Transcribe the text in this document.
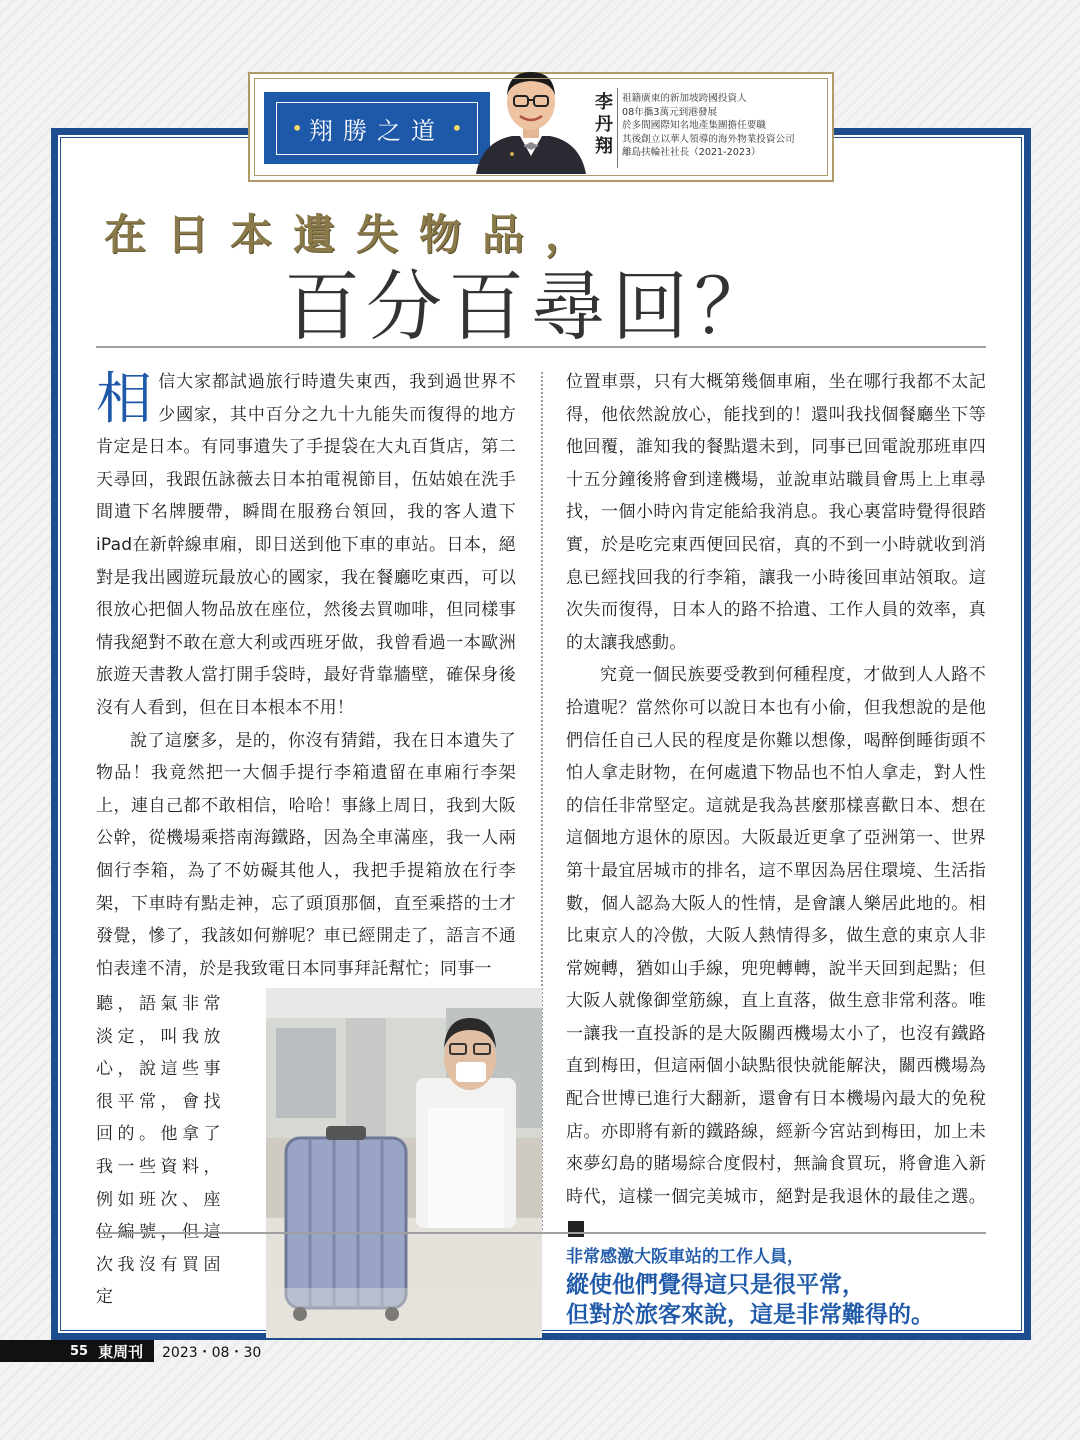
• 翔勝之道 •
李丹翔
祖籍廣東的新加坡跨國投資人
08年攜3萬元到港發展
於多間國際知名地產集團擔任要職
其後創立以華人領導的海外物業投資公司
離島扶輪社社長（2021-2023）
在日本遺失物品，
百分百尋回？

相信大家都試過旅行時遺失東西，我到過世界不少國家，其中百分之九十九能失而復得的地方肯定是日本。有同事遺失了手提袋在大丸百貨店，第二天尋回，我跟伍詠薇去日本拍電視節目，伍姑娘在洗手間遺下名牌腰帶，瞬間在服務台領回，我的客人遺下iPad在新幹線車廂，即日送到他下車的車站。日本，絕對是我出國遊玩最放心的國家，我在餐廳吃東西，可以很放心把個人物品放在座位，然後去買咖啡，但同樣事情我絕對不敢在意大利或西班牙做，我曾看過一本歐洲旅遊天書教人當打開手袋時，最好背靠牆壁，確保身後沒有人看到，但在日本根本不用！

說了這麼多，是的，你沒有猜錯，我在日本遺失了物品！我竟然把一大個手提行李箱遺留在車廂行李架上，連自己都不敢相信，哈哈！事緣上周日，我到大阪公幹，從機場乘搭南海鐵路，因為全車滿座，我一人兩個行李箱，為了不妨礙其他人，我把手提箱放在行李架，下車時有點走神，忘了頭頂那個，直至乘搭的士才發覺，慘了，我該如何辦呢？車已經開走了，語言不通怕表達不清，於是我致電日本同事拜託幫忙；同事一

聽，語氣非常淡定，叫我放心，說這些事很平常，會找回的。他拿了我一些資料，例如班次、座位編號，但這次我沒有買固定

位置車票，只有大概第幾個車廂，坐在哪行我都不太記得，他依然說放心，能找到的！還叫我找個餐廳坐下等他回覆，誰知我的餐點還未到，同事已回電說那班車四十五分鐘後將會到達機場，並說車站職員會馬上上車尋找，一個小時內肯定能給我消息。我心裏當時覺得很踏實，於是吃完東西便回民宿，真的不到一小時就收到消息已經找回我的行李箱，讓我一小時後回車站領取。這次失而復得，日本人的路不拾遺、工作人員的效率，真的太讓我感動。

究竟一個民族要受教到何種程度，才做到人人路不拾遺呢？當然你可以說日本也有小偷，但我想說的是他們信任自己人民的程度是你難以想像，喝醉倒睡街頭不怕人拿走財物，在何處遺下物品也不怕人拿走，對人性的信任非常堅定。這就是我為甚麼那樣喜歡日本、想在這個地方退休的原因。大阪最近更拿了亞洲第一、世界第十最宜居城市的排名，這不單因為居住環境、生活指數，個人認為大阪人的性情，是會讓人樂居此地的。相比東京人的冷傲，大阪人熱情得多，做生意的東京人非常婉轉，猶如山手線，兜兜轉轉，說半天回到起點；但大阪人就像御堂筋線，直上直落，做生意非常利落。唯一讓我一直投訴的是大阪關西機場太小了，也沒有鐵路直到梅田，但這兩個小缺點很快就能解決，關西機場為配合世博已進行大翻新，還會有日本機場內最大的免稅店。亦即將有新的鐵路線，經新今宮站到梅田，加上未來夢幻島的賭場綜合度假村，無論食買玩，將會進入新時代，這樣一個完美城市，絕對是我退休的最佳之選。東

非常感激大阪車站的工作人員，
縱使他們覺得這只是很平常，
但對於旅客來說，這是非常難得的。
55 東周刊 2023・08・30
